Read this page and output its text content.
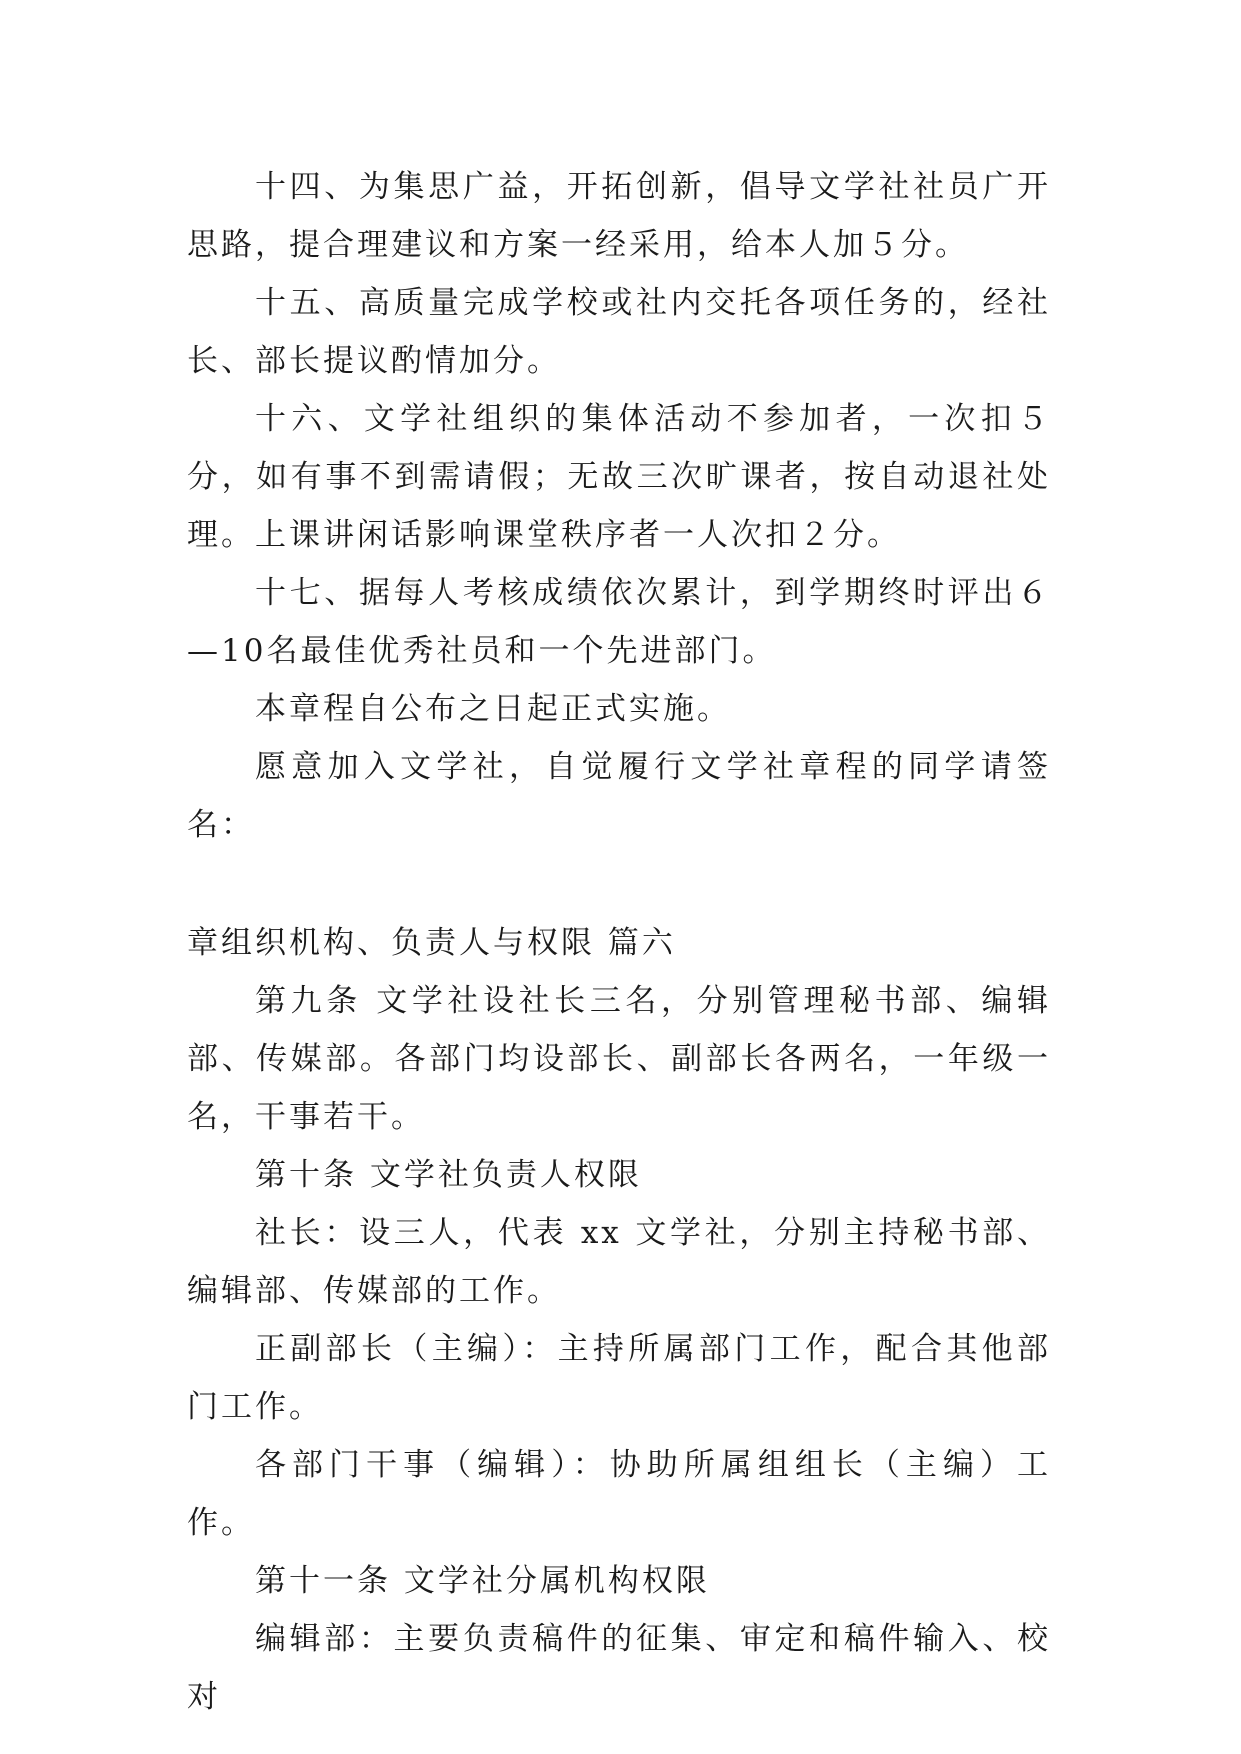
十四、为集思广益，开拓创新，倡导文学社社员广开思路，提合理建议和方案一经采用，给本人加５分。

十五、高质量完成学校或社内交托各项任务的，经社长、部长提议酌情加分。

十六、文学社组织的集体活动不参加者，一次扣５分，如有事不到需请假；无故三次旷课者，按自动退社处理。上课讲闲话影响课堂秩序者一人次扣２分。

十七、据每人考核成绩依次累计，到学期终时评出６—10名最佳优秀社员和一个先进部门。

本章程自公布之日起正式实施。

愿意加入文学社，自觉履行文学社章程的同学请签名：

章组织机构、负责人与权限 篇六

第九条 文学社设社长三名，分别管理秘书部、编辑部、传媒部。各部门均设部长、副部长各两名，一年级一名，干事若干。

第十条 文学社负责人权限

社长：设三人，代表 xx 文学社，分别主持秘书部、编辑部、传媒部的工作。

正副部长（主编）：主持所属部门工作，配合其他部门工作。

各部门干事（编辑）：协助所属组组长（主编）工作。

第十一条 文学社分属机构权限

编辑部：主要负责稿件的征集、审定和稿件输入、校对
